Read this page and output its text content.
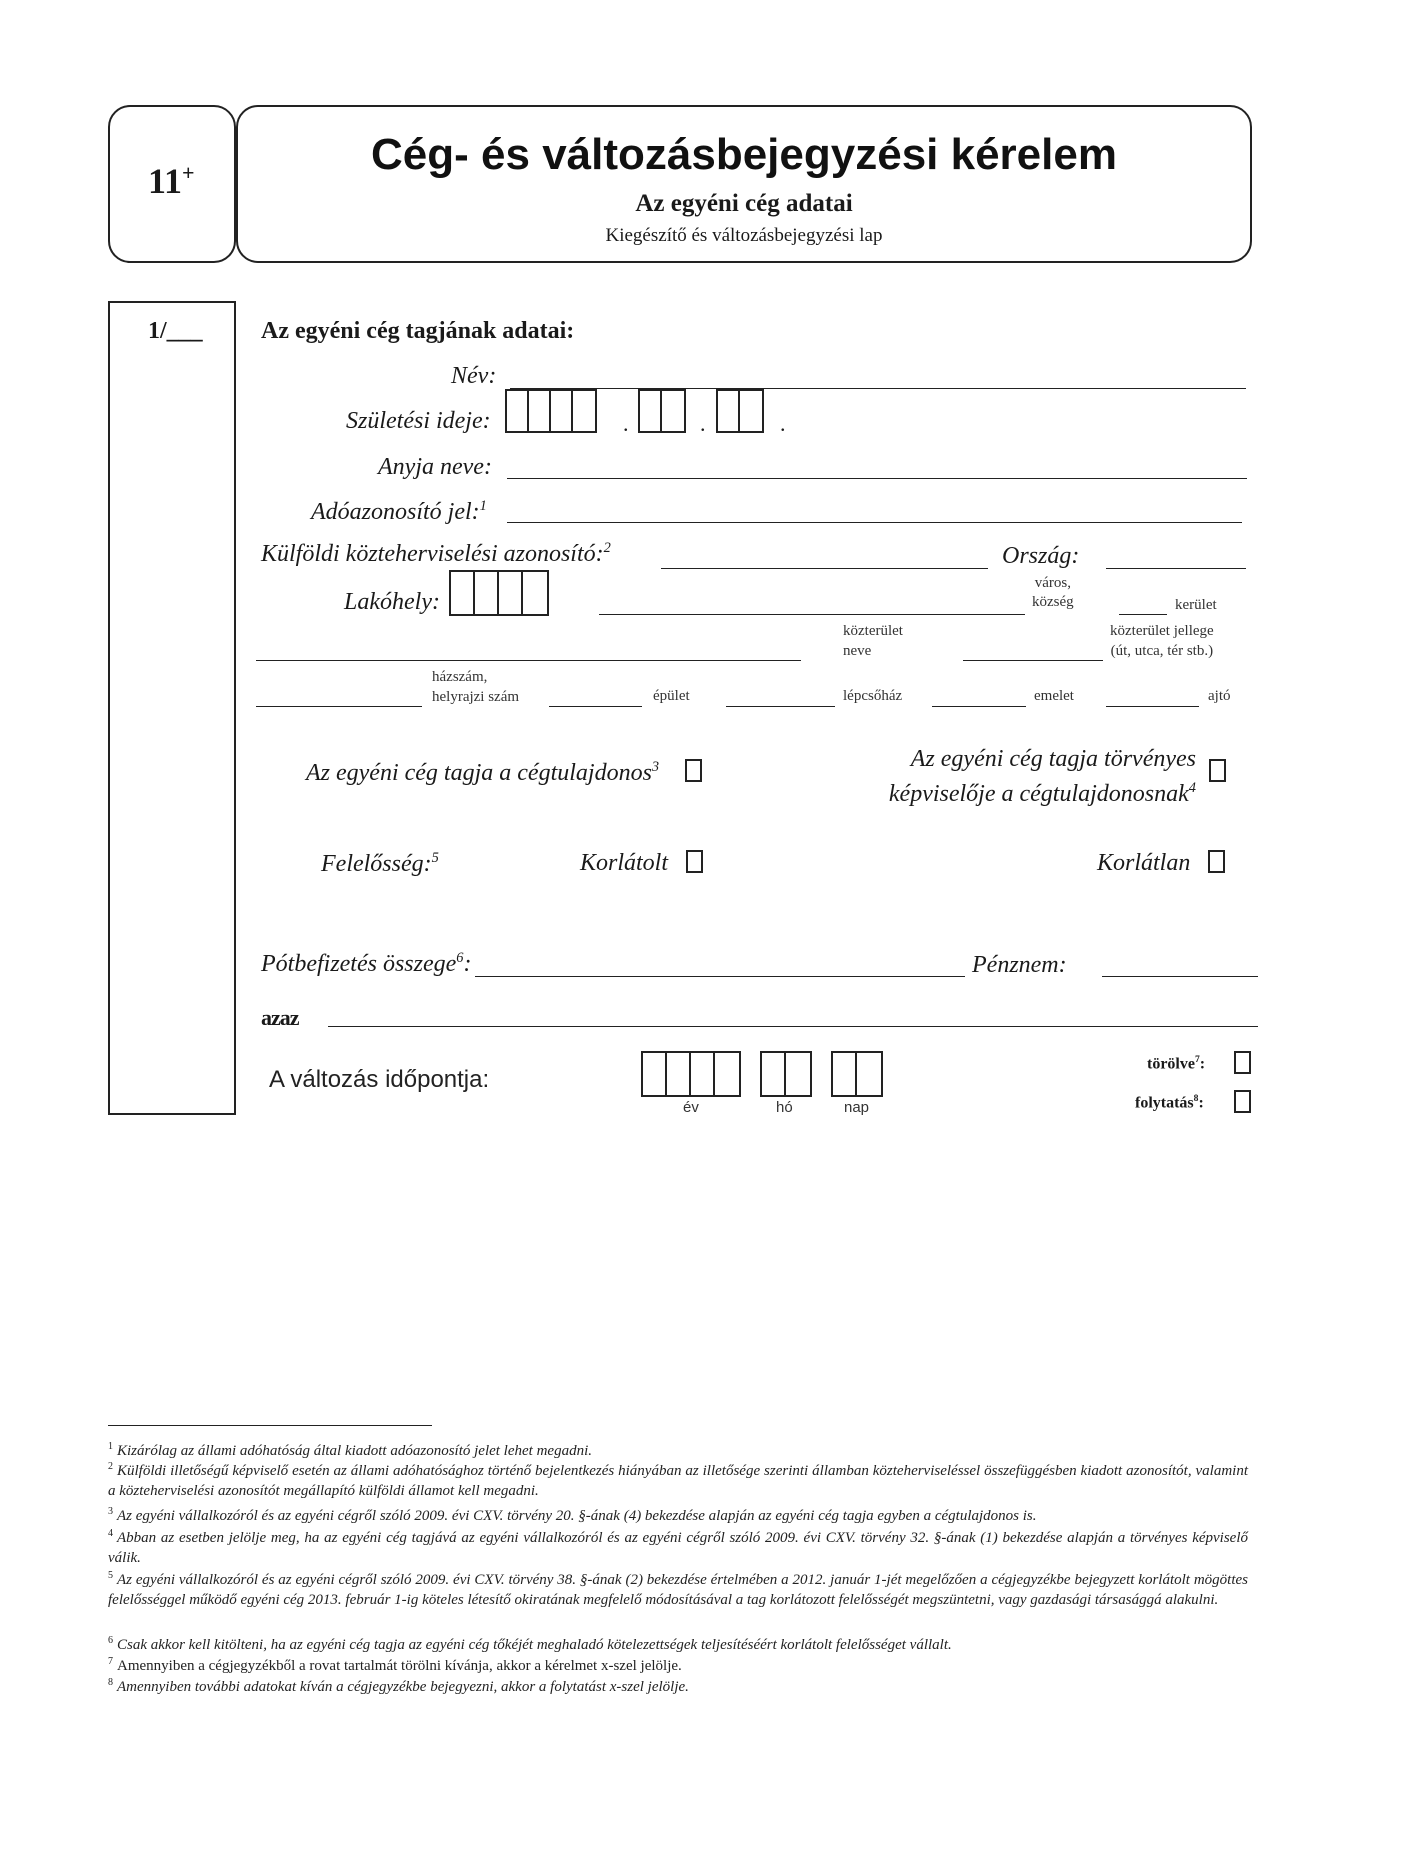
11+	Cég- és változásbejegyzési kérelem
Az egyéni cég adatai
Kiegészítő és változásbejegyzési lap
1/___ Az egyéni cég tagjának adatai:
Név:
Születési ideje:	.	.	.
Anyja neve:
Adóazonosító jel:$^1$
Külföldi közteherviselési azonosító:$^2$	Ország:
Lakóhely:
város,
község	kerület
közterület
neve
közterület jellege
(út, utca, tér stb.)
házszám,
helyrajzi szám	épület	lépcsőház	emelet	ajtó
Az egyéni cég tagja a cégtulajdonos$^3$	Az egyéni cég tagja törvényes
képviselője a cégtulajdonosnak$^4$
Felelősség:$^5$	Korlátolt	Korlátlan
Pótbefizetés összege$^6$:	Pénznem:
azaz
A változás időpontja:
év	hó	nap
törölve$^7$:
folytatás$^8$:
$^1$ Kizárólag az állami adóhatóság által kiadott adóazonosító jelet lehet megadni.
$^2$ Külföldi illetőségű képviselő esetén az állami adóhatósághoz történő bejelentkezés hiányában az illetősége szerinti államban közteherviseléssel összefüggésben kiadott azonosítót, valamint a közteherviselési azonosítót megállapító külföldi államot kell megadni.
$^3$ Az egyéni vállalkozóról és az egyéni cégről szóló 2009. évi CXV. törvény 20. §-ának (4) bekezdése alapján az egyéni cég tagja egyben a cégtulajdonos is.
$^4$ Abban az esetben jelölje meg, ha az egyéni cég tagjává az egyéni vállalkozóról és az egyéni cégről szóló 2009. évi CXV. törvény 32. §-ának (1) bekezdése alapján a törvényes képviselő válik.
$^5$ Az egyéni vállalkozóról és az egyéni cégről szóló 2009. évi CXV. törvény 38. §-ának (2) bekezdése értelmében a 2012. január 1-jét megelőzően a cégjegyzékbe bejegyzett korlátolt mögöttes felelősséggel működő egyéni cég 2013. február 1-ig köteles létesítő okiratának megfelelő módosításával a tag korlátozott felelősségét megszüntetni, vagy gazdasági társasággá alakulni.
$^6$ Csak akkor kell kitölteni, ha az egyéni cég tagja az egyéni cég tőkéjét meghaladó kötelezettségek teljesítéséért korlátolt felelősséget vállalt.
$^7$ Amennyiben a cégjegyzékből a rovat tartalmát törölni kívánja, akkor a kérelmet x-szel jelölje.
$^8$ Amennyiben további adatokat kíván a cégjegyzékbe bejegyezni, akkor a folytatást x-szel jelölje.
